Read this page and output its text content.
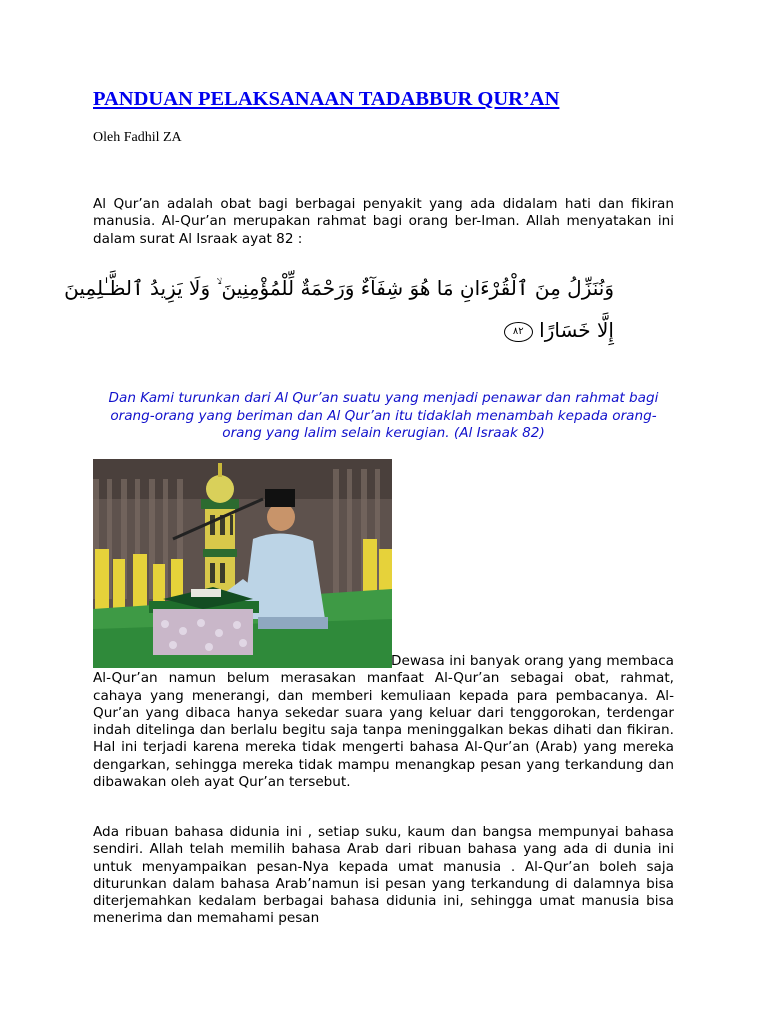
PANDUAN PELAKSANAAN TADABBUR QUR’AN
Oleh Fadhil ZA

Al Qur’an adalah obat bagi berbagai penyakit yang ada didalam hati dan fikiran manusia. Al-Qur’an merupakan rahmat bagi orang ber-Iman. Allah menyatakan ini dalam surat Al Israak ayat 82 :

وَنُنَزِّلُ مِنَ ٱلْقُرْءَانِ مَا هُوَ شِفَآءٌ وَرَحْمَةٌ لِّلْمُؤْمِنِينَ ۙ وَلَا يَزِيدُ ٱلظَّـٰلِمِينَ

إِلَّا خَسَارًا ٨٢

Dan Kami turunkan dari Al Qur’an suatu yang menjadi penawar dan rahmat bagi orang-orang yang beriman dan Al Qur’an itu tidaklah menambah kepada orang-orang yang lalim selain kerugian. (Al Israak 82)

Dewasa ini banyak orang yang membaca Al-Qur’an namun belum merasakan manfaat Al-Qur’an sebagai obat, rahmat, cahaya yang menerangi, dan memberi kemuliaan kepada para pembacanya. Al-Qur’an yang dibaca hanya sekedar suara yang keluar dari tenggorokan, terdengar indah ditelinga dan berlalu begitu saja tanpa meninggalkan bekas dihati dan fikiran. Hal ini terjadi karena mereka tidak mengerti bahasa Al-Qur’an (Arab) yang mereka dengarkan, sehingga mereka tidak mampu menangkap pesan yang terkandung dan dibawakan oleh ayat Qur’an tersebut.

Ada ribuan bahasa didunia ini , setiap suku, kaum dan bangsa mempunyai bahasa sendiri. Allah telah memilih bahasa Arab dari ribuan bahasa yang ada di dunia ini untuk menyampaikan pesan-Nya kepada umat manusia . Al-Qur’an boleh saja diturunkan dalam bahasa Arab’namun isi pesan yang terkandung di dalamnya bisa diterjemahkan kedalam berbagai bahasa didunia ini, sehingga umat manusia bisa menerima dan memahami pesan
